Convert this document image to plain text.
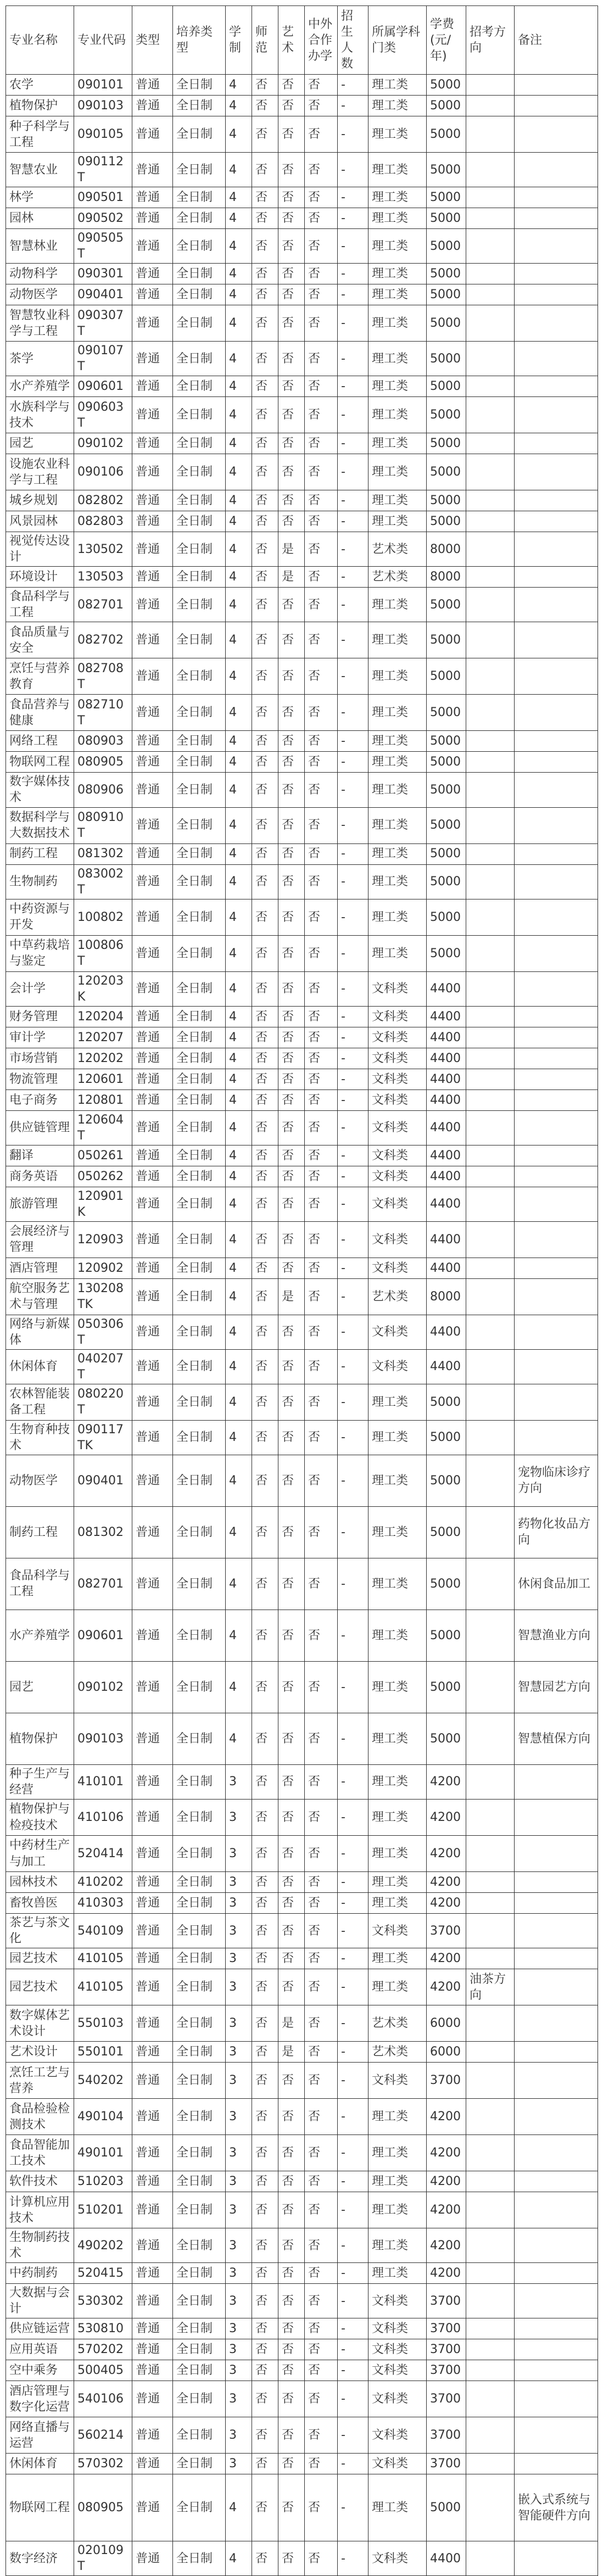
专业名称	专业代码	类型	培养类型	学制	师范	艺术	中外合作办学	招生人数	所属学科门类	学费(元/年)	招考方向	备注
农学	090101	普通	全日制	4	否	否	否	-	理工类	5000		
植物保护	090103	普通	全日制	4	否	否	否	-	理工类	5000		
种子科学与工程	090105	普通	全日制	4	否	否	否	-	理工类	5000		
智慧农业	090112T	普通	全日制	4	否	否	否	-	理工类	5000		
林学	090501	普通	全日制	4	否	否	否	-	理工类	5000		
园林	090502	普通	全日制	4	否	否	否	-	理工类	5000		
智慧林业	090505T	普通	全日制	4	否	否	否	-	理工类	5000		
动物科学	090301	普通	全日制	4	否	否	否	-	理工类	5000		
动物医学	090401	普通	全日制	4	否	否	否	-	理工类	5000		
智慧牧业科学与工程	090307T	普通	全日制	4	否	否	否	-	理工类	5000		
茶学	090107T	普通	全日制	4	否	否	否	-	理工类	5000		
水产养殖学	090601	普通	全日制	4	否	否	否	-	理工类	5000		
水族科学与技术	090603T	普通	全日制	4	否	否	否	-	理工类	5000		
园艺	090102	普通	全日制	4	否	否	否	-	理工类	5000		
设施农业科学与工程	090106	普通	全日制	4	否	否	否	-	理工类	5000		
城乡规划	082802	普通	全日制	4	否	否	否	-	理工类	5000		
风景园林	082803	普通	全日制	4	否	否	否	-	理工类	5000		
视觉传达设计	130502	普通	全日制	4	否	是	否	-	艺术类	8000		
环境设计	130503	普通	全日制	4	否	是	否	-	艺术类	8000		
食品科学与工程	082701	普通	全日制	4	否	否	否	-	理工类	5000		
食品质量与安全	082702	普通	全日制	4	否	否	否	-	理工类	5000		
烹饪与营养教育	082708T	普通	全日制	4	否	否	否	-	理工类	5000		
食品营养与健康	082710T	普通	全日制	4	否	否	否	-	理工类	5000		
网络工程	080903	普通	全日制	4	否	否	否	-	理工类	5000		
物联网工程	080905	普通	全日制	4	否	否	否	-	理工类	5000		
数字媒体技术	080906	普通	全日制	4	否	否	否	-	理工类	5000		
数据科学与大数据技术	080910T	普通	全日制	4	否	否	否	-	理工类	5000		
制药工程	081302	普通	全日制	4	否	否	否	-	理工类	5000		
生物制药	083002T	普通	全日制	4	否	否	否	-	理工类	5000		
中药资源与开发	100802	普通	全日制	4	否	否	否	-	理工类	5000		
中草药栽培与鉴定	100806T	普通	全日制	4	否	否	否	-	理工类	5000		
会计学	120203K	普通	全日制	4	否	否	否	-	文科类	4400		
财务管理	120204	普通	全日制	4	否	否	否	-	文科类	4400		
审计学	120207	普通	全日制	4	否	否	否	-	文科类	4400		
市场营销	120202	普通	全日制	4	否	否	否	-	文科类	4400		
物流管理	120601	普通	全日制	4	否	否	否	-	文科类	4400		
电子商务	120801	普通	全日制	4	否	否	否	-	文科类	4400		
供应链管理	120604T	普通	全日制	4	否	否	否	-	文科类	4400		
翻译	050261	普通	全日制	4	否	否	否	-	文科类	4400		
商务英语	050262	普通	全日制	4	否	否	否	-	文科类	4400		
旅游管理	120901K	普通	全日制	4	否	否	否	-	文科类	4400		
会展经济与管理	120903	普通	全日制	4	否	否	否	-	文科类	4400		
酒店管理	120902	普通	全日制	4	否	否	否	-	文科类	4400		
航空服务艺术与管理	130208TK	普通	全日制	4	否	是	否	-	艺术类	8000		
网络与新媒体	050306T	普通	全日制	4	否	否	否	-	文科类	4400		
休闲体育	040207T	普通	全日制	4	否	否	否	-	文科类	4400		
农林智能装备工程	080220T	普通	全日制	4	否	否	否	-	理工类	5000		
生物育种技术	090117TK	普通	全日制	4	否	否	否	-	理工类	5000		
动物医学	090401	普通	全日制	4	否	否	否	-	理工类	5000		宠物临床诊疗方向
制药工程	081302	普通	全日制	4	否	否	否	-	理工类	5000		药物化妆品方向
食品科学与工程	082701	普通	全日制	4	否	否	否	-	理工类	5000		休闲食品加工
水产养殖学	090601	普通	全日制	4	否	否	否	-	理工类	5000		智慧渔业方向
园艺	090102	普通	全日制	4	否	否	否	-	理工类	5000		智慧园艺方向
植物保护	090103	普通	全日制	4	否	否	否	-	理工类	5000		智慧植保方向
种子生产与经营	410101	普通	全日制	3	否	否	否	-	理工类	4200		
植物保护与检疫技术	410106	普通	全日制	3	否	否	否	-	理工类	4200		
中药材生产与加工	520414	普通	全日制	3	否	否	否	-	理工类	4200		
园林技术	410202	普通	全日制	3	否	否	否	-	理工类	4200		
畜牧兽医	410303	普通	全日制	3	否	否	否	-	理工类	4200		
茶艺与茶文化	540109	普通	全日制	3	否	否	否	-	文科类	3700		
园艺技术	410105	普通	全日制	3	否	否	否	-	理工类	4200		
园艺技术	410105	普通	全日制	3	否	否	否	-	理工类	4200	油茶方向	
数字媒体艺术设计	550103	普通	全日制	3	否	是	否	-	艺术类	6000		
艺术设计	550101	普通	全日制	3	否	是	否	-	艺术类	6000		
烹饪工艺与营养	540202	普通	全日制	3	否	否	否	-	文科类	3700		
食品检验检测技术	490104	普通	全日制	3	否	否	否	-	理工类	4200		
食品智能加工技术	490101	普通	全日制	3	否	否	否	-	理工类	4200		
软件技术	510203	普通	全日制	3	否	否	否	-	理工类	4200		
计算机应用技术	510201	普通	全日制	3	否	否	否	-	理工类	4200		
生物制药技术	490202	普通	全日制	3	否	否	否	-	理工类	4200		
中药制药	520415	普通	全日制	3	否	否	否	-	理工类	4200		
大数据与会计	530302	普通	全日制	3	否	否	否	-	文科类	3700		
供应链运营	530810	普通	全日制	3	否	否	否	-	文科类	3700		
应用英语	570202	普通	全日制	3	否	否	否	-	文科类	3700		
空中乘务	500405	普通	全日制	3	否	否	否	-	文科类	3700		
酒店管理与数字化运营	540106	普通	全日制	3	否	否	否	-	文科类	3700		
网络直播与运营	560214	普通	全日制	3	否	否	否	-	文科类	3700		
休闲体育	570302	普通	全日制	3	否	否	否	-	文科类	3700		
物联网工程	080905	普通	全日制	4	否	否	否	-	理工类	5000		嵌入式系统与智能硬件方向
数字经济	020109T	普通	全日制	4	否	否	否	-	文科类	4400		
